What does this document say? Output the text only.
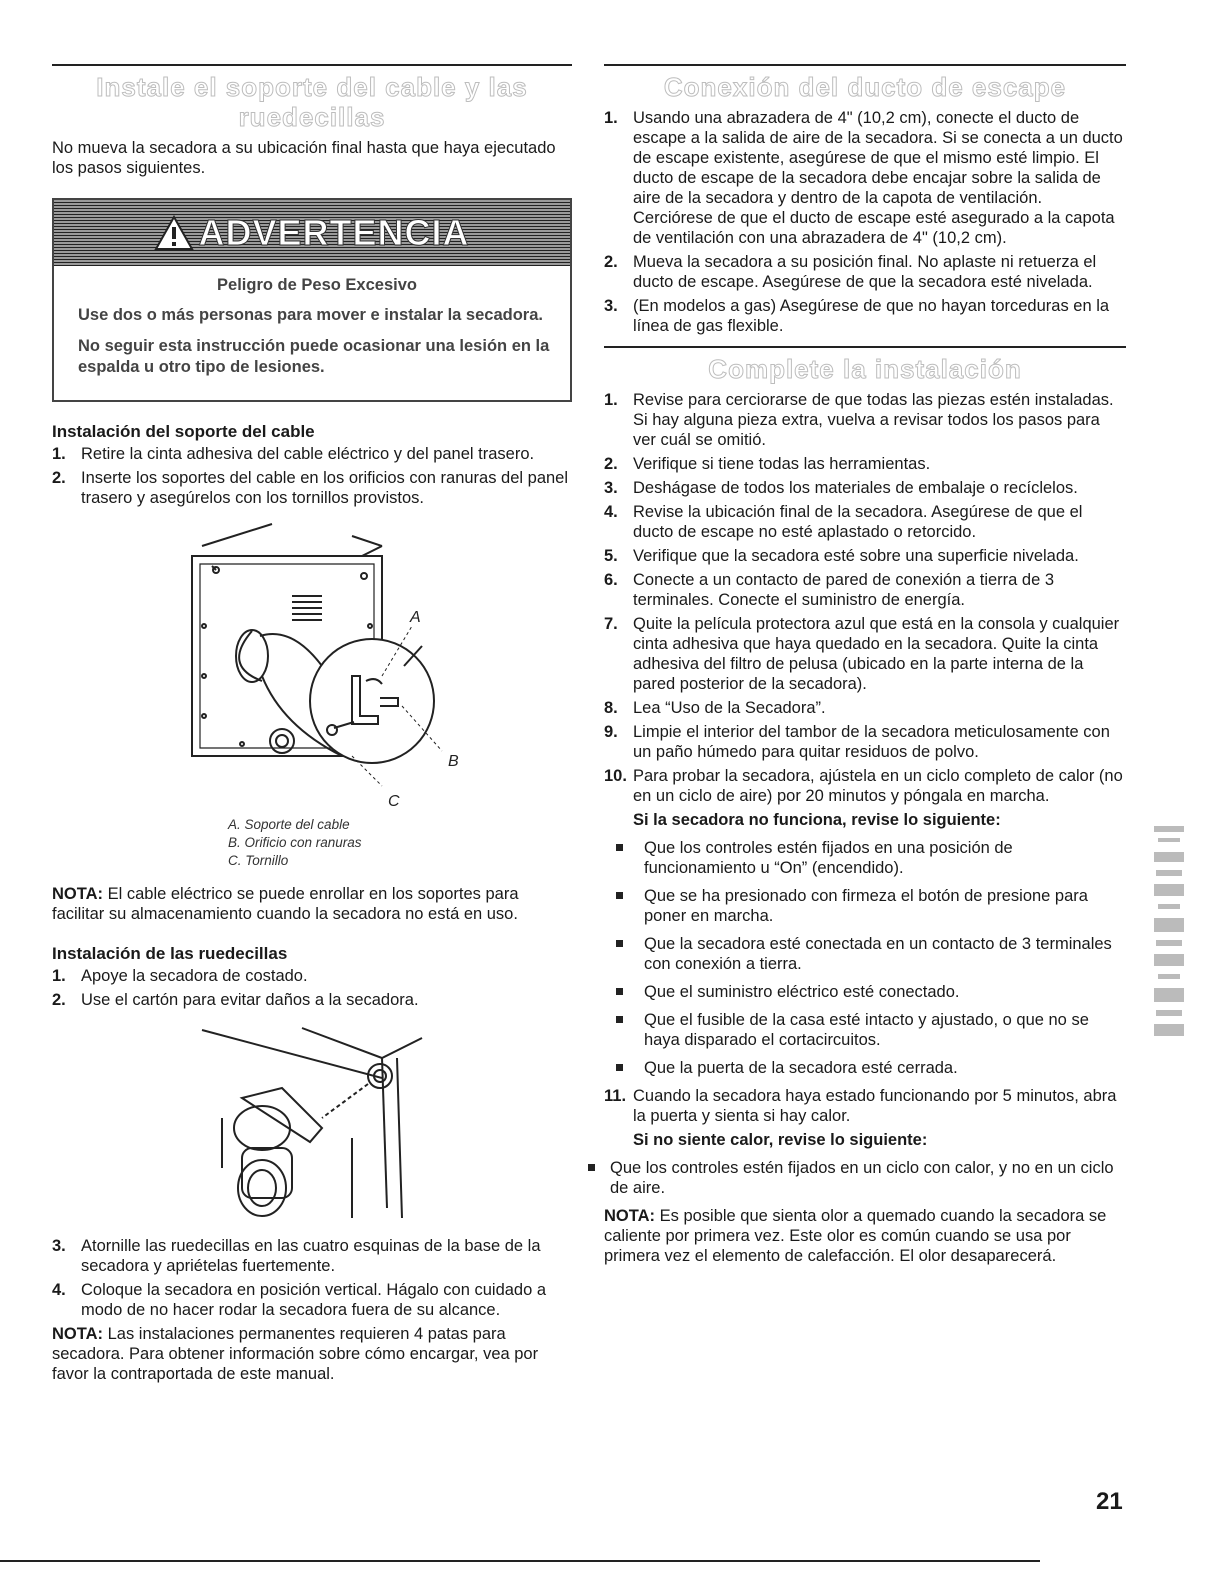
Instale el soporte del cable y las ruedecillas

No mueva la secadora a su ubicación final hasta que haya ejecutado los pasos siguientes.

ADVERTENCIA
Peligro de Peso Excesivo

Use dos o más personas para mover e instalar la secadora.

No seguir esta instrucción puede ocasionar una lesión en la espalda u otro tipo de lesiones.

Instalación del soporte del cable
1. Retire la cinta adhesiva del cable eléctrico y del panel trasero.
2. Inserte los soportes del cable en los orificios con ranuras del panel trasero y asegúrelos con los tornillos provistos.
A
B
C
A. Soporte del cable
B. Orificio con ranuras
C. Tornillo

NOTA: El cable eléctrico se puede enrollar en los soportes para facilitar su almacenamiento cuando la secadora no está en uso.

Instalación de las ruedecillas
1. Apoye la secadora de costado.
2. Use el cartón para evitar daños a la secadora.
3. Atornille las ruedecillas en las cuatro esquinas de la base de la secadora y apriételas fuertemente.
4. Coloque la secadora en posición vertical. Hágalo con cuidado a modo de no hacer rodar la secadora fuera de su alcance.

NOTA: Las instalaciones permanentes requieren 4 patas para secadora. Para obtener información sobre cómo encargar, vea por favor la contraportada de este manual.

Conexión del ducto de escape
1. Usando una abrazadera de 4" (10,2 cm), conecte el ducto de escape a la salida de aire de la secadora. Si se conecta a un ducto de escape existente, asegúrese de que el mismo esté limpio. El ducto de escape de la secadora debe encajar sobre la salida de aire de la secadora y dentro de la capota de ventilación. Cerciórese de que el ducto de escape esté asegurado a la capota de ventilación con una abrazadera de 4" (10,2 cm).
2. Mueva la secadora a su posición final. No aplaste ni retuerza el ducto de escape. Asegúrese de que la secadora esté nivelada.
3. (En modelos a gas) Asegúrese de que no hayan torceduras en la línea de gas flexible.
Complete la instalación
1. Revise para cerciorarse de que todas las piezas estén instaladas. Si hay alguna pieza extra, vuelva a revisar todos los pasos para ver cuál se omitió.
2. Verifique si tiene todas las herramientas.
3. Deshágase de todos los materiales de embalaje o recíclelos.
4. Revise la ubicación final de la secadora. Asegúrese de que el ducto de escape no esté aplastado o retorcido.
5. Verifique que la secadora esté sobre una superficie nivelada.
6. Conecte a un contacto de pared de conexión a tierra de 3 terminales. Conecte el suministro de energía.
7. Quite la película protectora azul que está en la consola y cualquier cinta adhesiva que haya quedado en la secadora. Quite la cinta adhesiva del filtro de pelusa (ubicado en la parte interna de la pared posterior de la secadora).
8. Lea “Uso de la Secadora”.
9. Limpie el interior del tambor de la secadora meticulosamente con un paño húmedo para quitar residuos de polvo.
10. Para probar la secadora, ajústela en un ciclo completo de calor (no en un ciclo de aire) por 20 minutos y póngala en marcha.
Si la secadora no funciona, revise lo siguiente:
Que los controles estén fijados en una posición de funcionamiento u “On” (encendido).
Que se ha presionado con firmeza el botón de presione para poner en marcha.
Que la secadora esté conectada en un contacto de 3 terminales con conexión a tierra.
Que el suministro eléctrico esté conectado.
Que el fusible de la casa esté intacto y ajustado, o que no se haya disparado el cortacircuitos.
Que la puerta de la secadora esté cerrada.
11. Cuando la secadora haya estado funcionando por 5 minutos, abra la puerta y sienta si hay calor.
Si no siente calor, revise lo siguiente:
Que los controles estén fijados en un ciclo con calor, y no en un ciclo de aire.

NOTA: Es posible que sienta olor a quemado cuando la secadora se caliente por primera vez. Este olor es común cuando se usa por primera vez el elemento de calefacción. El olor desaparecerá.

21
